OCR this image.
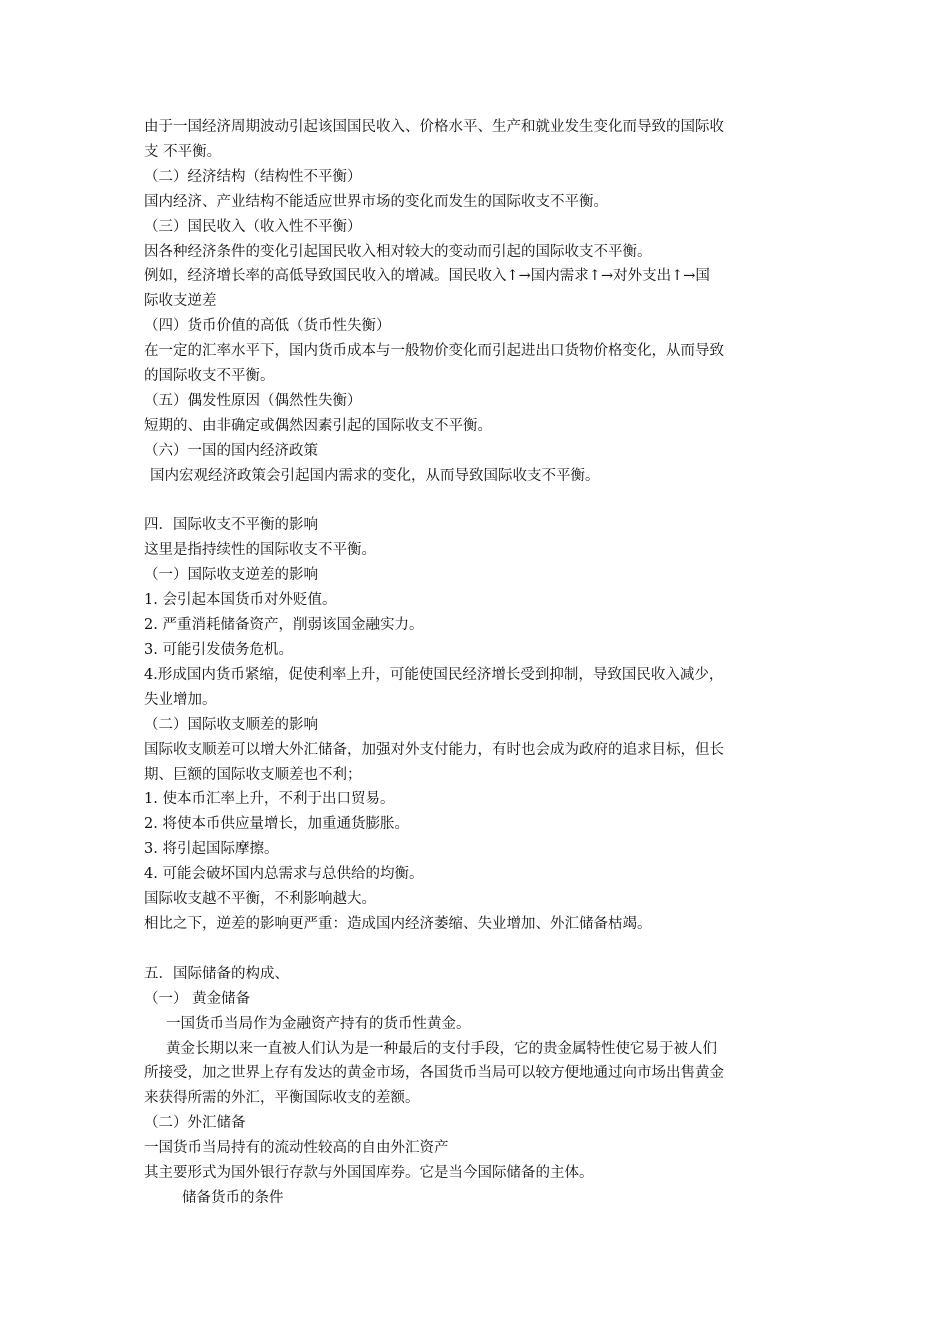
由于一国经济周期波动引起该国国民收入、价格水平、生产和就业发生变化而导致的国际收
支 不平衡。
（二）经济结构（结构性不平衡）
国内经济、产业结构不能适应世界市场的变化而发生的国际收支不平衡。
（三）国民收入（收入性不平衡）
因各种经济条件的变化引起国民收入相对较大的变动而引起的国际收支不平衡。
例如，经济增长率的高低导致国民收入的增减。国民收入↑→国内需求↑→对外支出↑→国
际收支逆差
（四）货币价值的高低（货币性失衡）
在一定的汇率水平下，国内货币成本与一般物价变化而引起进出口货物价格变化，从而导致
的国际收支不平衡。
（五）偶发性原因（偶然性失衡）
短期的、由非确定或偶然因素引起的国际收支不平衡。
（六）一国的国内经济政策
国内宏观经济政策会引起国内需求的变化，从而导致国际收支不平衡。
四．国际收支不平衡的影响
这里是指持续性的国际收支不平衡。
（一）国际收支逆差的影响
1. 会引起本国货币对外贬值。
2. 严重消耗储备资产，削弱该国金融实力。
3. 可能引发债务危机。
4.形成国内货币紧缩，促使利率上升，可能使国民经济增长受到抑制，导致国民收入减少，
失业增加。
（二）国际收支顺差的影响
国际收支顺差可以增大外汇储备，加强对外支付能力，有时也会成为政府的追求目标，但长
期、巨额的国际收支顺差也不利；
1. 使本币汇率上升，不利于出口贸易。
2. 将使本币供应量增长，加重通货膨胀。
3. 将引起国际摩擦。
4. 可能会破坏国内总需求与总供给的均衡。
国际收支越不平衡，不利影响越大。
相比之下，逆差的影响更严重：造成国内经济萎缩、失业增加、外汇储备枯竭。
五．国际储备的构成、
（一） 黄金储备
一国货币当局作为金融资产持有的货币性黄金。
黄金长期以来一直被人们认为是一种最后的支付手段，它的贵金属特性使它易于被人们
所接受，加之世界上存有发达的黄金市场，各国货币当局可以较方便地通过向市场出售黄金
来获得所需的外汇，平衡国际收支的差额。
（二）外汇储备
一国货币当局持有的流动性较高的自由外汇资产
其主要形式为国外银行存款与外国国库券。它是当今国际储备的主体。
储备货币的条件
